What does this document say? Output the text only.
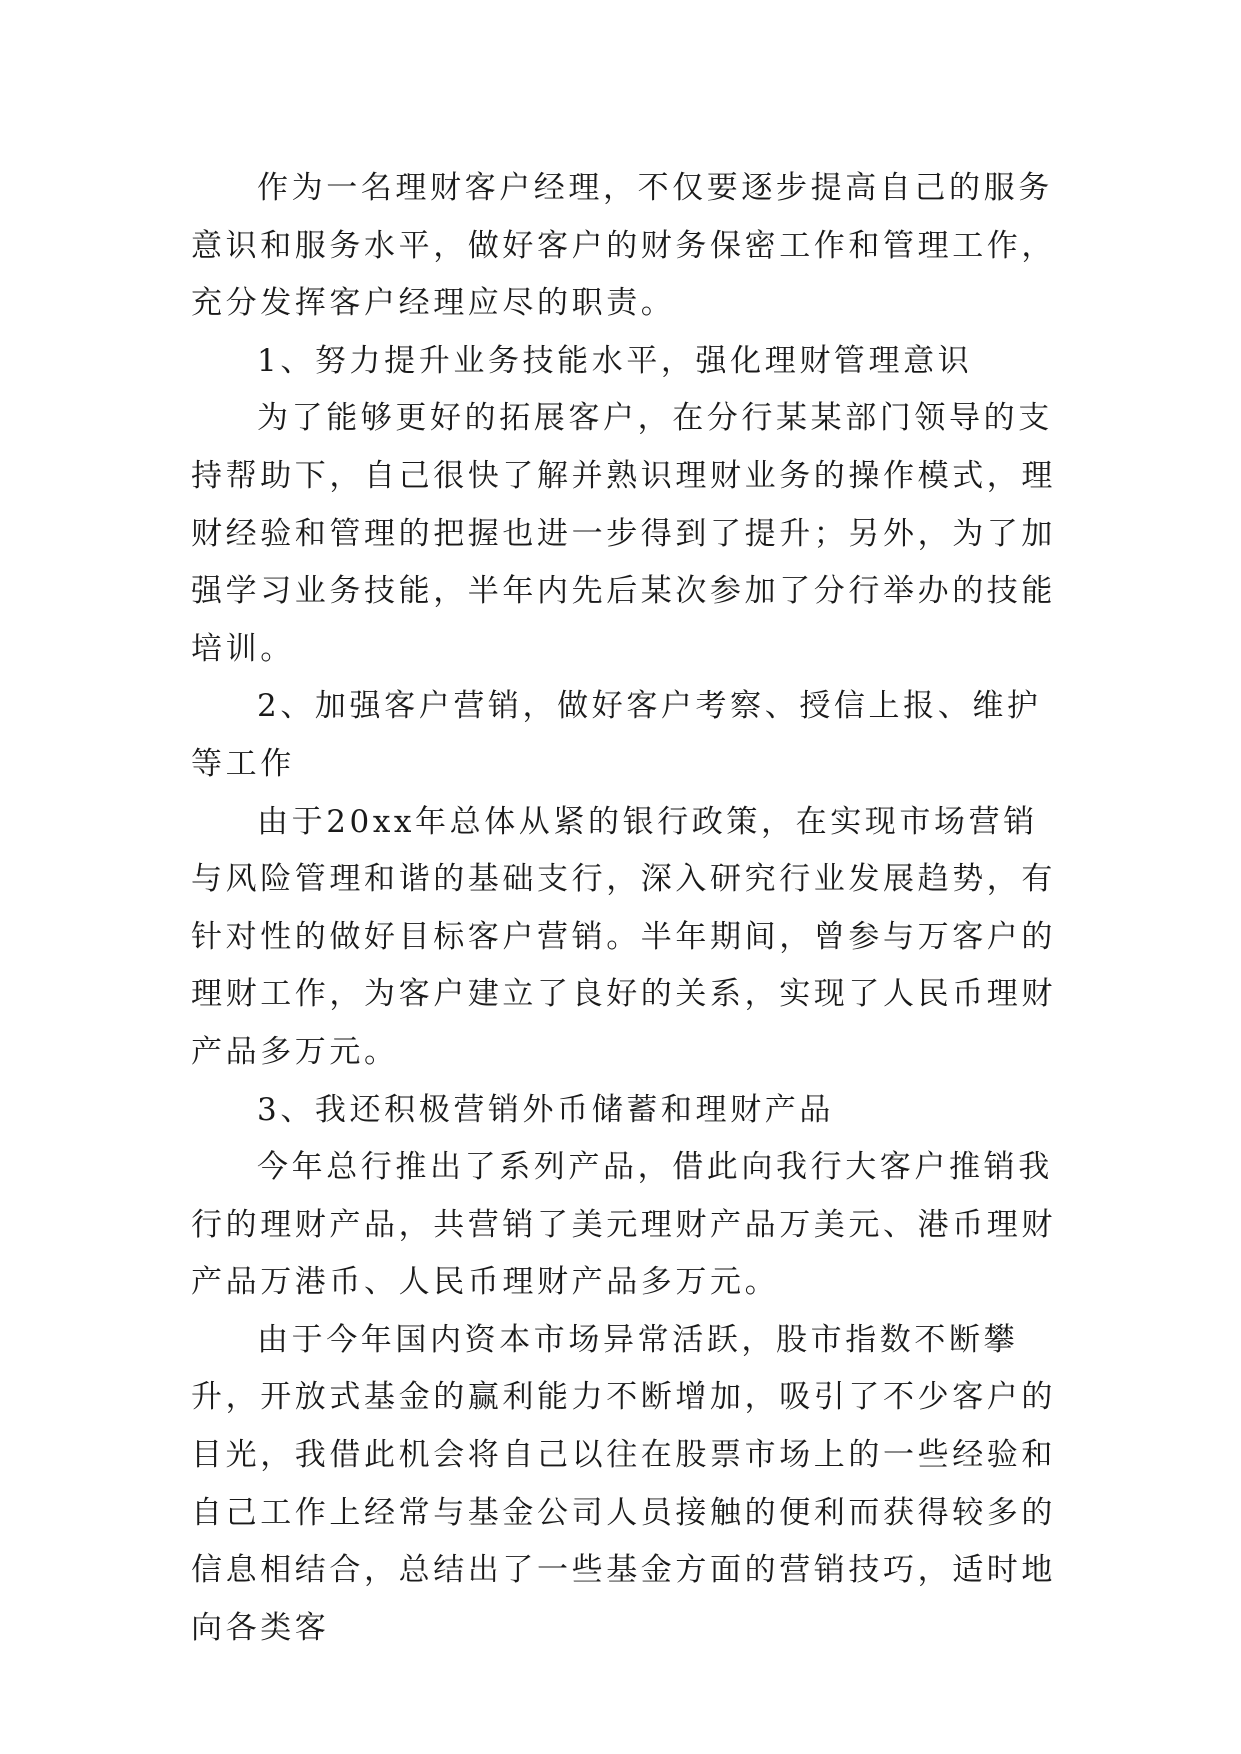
作为一名理财客户经理，不仅要逐步提高自己的服务意识和服务水平，做好客户的财务保密工作和管理工作，充分发挥客户经理应尽的职责。

1、努力提升业务技能水平，强化理财管理意识

为了能够更好的拓展客户，在分行某某部门领导的支持帮助下，自己很快了解并熟识理财业务的操作模式，理财经验和管理的把握也进一步得到了提升；另外，为了加强学习业务技能，半年内先后某次参加了分行举办的技能培训。

2、加强客户营销，做好客户考察、授信上报、维护等工作

由于20xx年总体从紧的银行政策，在实现市场营销与风险管理和谐的基础支行，深入研究行业发展趋势，有针对性的做好目标客户营销。半年期间，曾参与万客户的理财工作，为客户建立了良好的关系，实现了人民币理财产品多万元。

3、我还积极营销外币储蓄和理财产品

今年总行推出了系列产品，借此向我行大客户推销我行的理财产品，共营销了美元理财产品万美元、港币理财产品万港币、人民币理财产品多万元。

由于今年国内资本市场异常活跃，股市指数不断攀升，开放式基金的赢利能力不断增加，吸引了不少客户的目光，我借此机会将自己以往在股票市场上的一些经验和自己工作上经常与基金公司人员接触的便利而获得较多的信息相结合，总结出了一些基金方面的营销技巧，适时地向各类客
